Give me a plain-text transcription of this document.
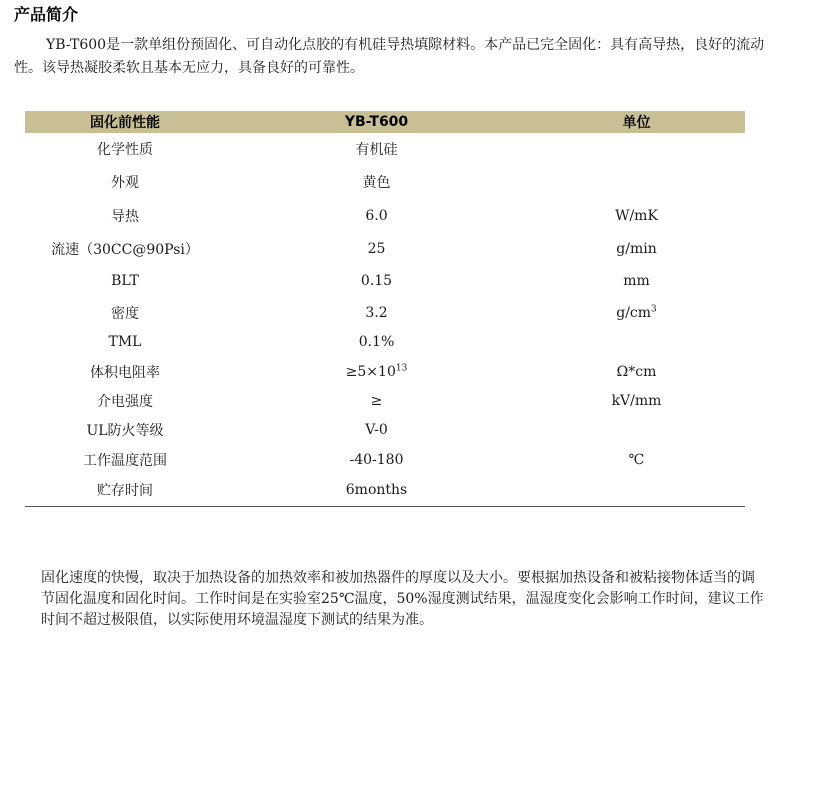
产品简介

YB-T600是一款单组份预固化、可自动化点胶的有机硅导热填隙材料。本产品已完全固化：具有高导热，良好的流动性。该导热凝胶柔软且基本无应力，具备良好的可靠性。

固化前性能	YB-T600	单位
化学性质	有机硅	
外观	黄色	
导热	6.0	W/mK
流速（30CC@90Psi）	25	g/min
BLT	0.15	mm
密度	3.2	$g/cm^3$
TML	0.1%	
体积电阻率	$\ge 5\times 10^{13}$	Ω*cm
介电强度	≥	kV/mm
UL防火等级	V-0	
工作温度范围	-40-180	℃
贮存时间	6months	

固化速度的快慢，取决于加热设备的加热效率和被加热器件的厚度以及大小。要根据加热设备和被粘接物体适当的调节固化温度和固化时间。工作时间是在实验室25℃温度，50%湿度测试结果，温湿度变化会影响工作时间，建议工作时间不超过极限值，以实际使用环境温湿度下测试的结果为准。
